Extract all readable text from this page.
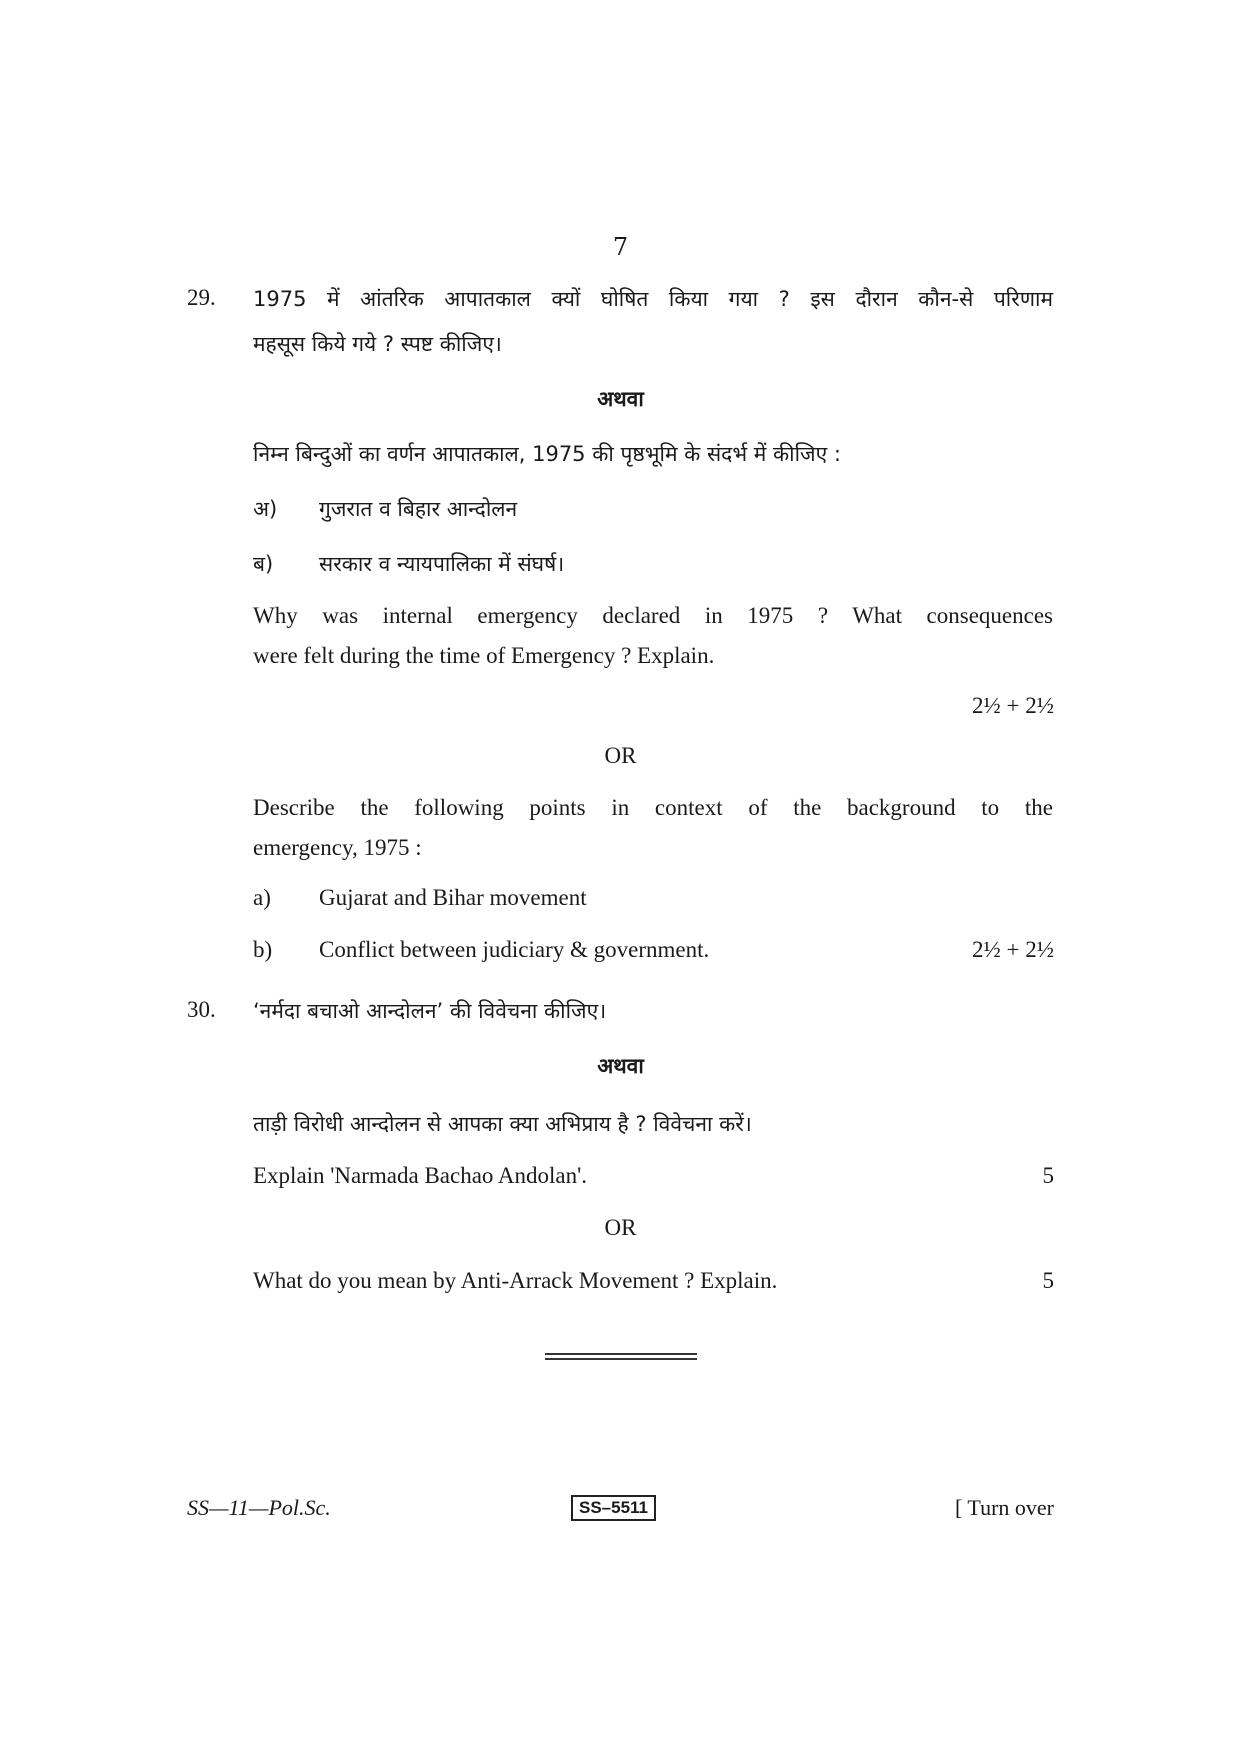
7
29. 1975 में आंतरिक आपातकाल क्यों घोषित किया गया ? इस दौरान कौन-से परिणाम
महसूस किये गये ? स्पष्ट कीजिए।
अथवा
निम्न बिन्दुओं का वर्णन आपातकाल, 1975 की पृष्ठभूमि के संदर्भ में कीजिए :
अ) गुजरात व बिहार आन्दोलन
ब) सरकार व न्यायपालिका में संघर्ष।
Why was internal emergency declared in 1975 ? What consequences
were felt during the time of Emergency ? Explain.
2½ + 2½
OR
Describe the following points in context of the background to the
emergency, 1975 :
a) Gujarat and Bihar movement
b) Conflict between judiciary & government.	2½ + 2½
30. ‘नर्मदा बचाओ आन्दोलन’ की विवेचना कीजिए।
अथवा
ताड़ी विरोधी आन्दोलन से आपका क्या अभिप्राय है ? विवेचना करें।
Explain 'Narmada Bachao Andolan'.	5
OR
What do you mean by Anti-Arrack Movement ? Explain.	5
SS—11—Pol.Sc.	SS–5511	[ Turn over
